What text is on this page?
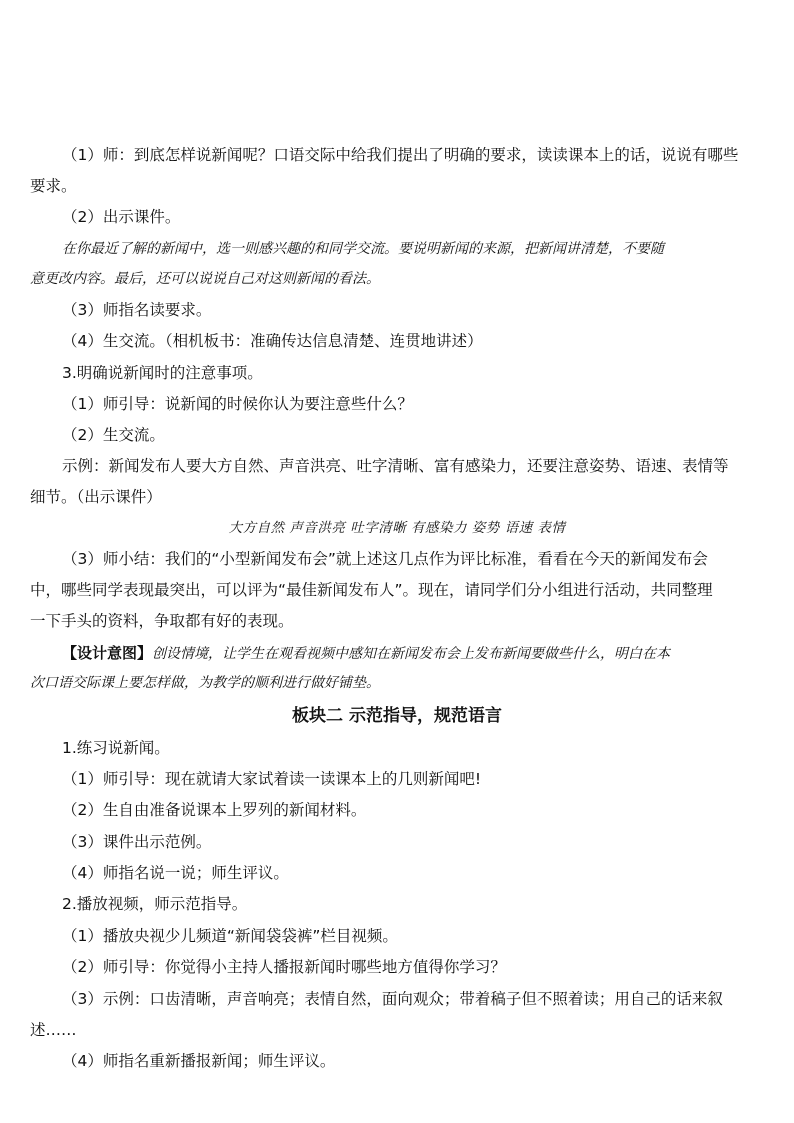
（1）师：到底怎样说新闻呢？口语交际中给我们提出了明确的要求，读读课本上的话，说说有哪些
要求。
（2）出示课件。
在你最近了解的新闻中，选一则感兴趣的和同学交流。要说明新闻的来源，把新闻讲清楚，不要随
意更改内容。最后，还可以说说自己对这则新闻的看法。
（3）师指名读要求。
（4）生交流。（相机板书：准确传达信息清楚、连贯地讲述）
3.明确说新闻时的注意事项。
（1）师引导：说新闻的时候你认为要注意些什么？
（2）生交流。
示例：新闻发布人要大方自然、声音洪亮、吐字清晰、富有感染力，还要注意姿势、语速、表情等
细节。（出示课件）
大方自然 声音洪亮 吐字清晰 有感染力 姿势 语速 表情
（3）师小结：我们的“小型新闻发布会”就上述这几点作为评比标准，看看在今天的新闻发布会
中，哪些同学表现最突出，可以评为“最佳新闻发布人”。现在，请同学们分小组进行活动，共同整理
一下手头的资料，争取都有好的表现。
【设计意图】创设情境，让学生在观看视频中感知在新闻发布会上发布新闻要做些什么，明白在本
次口语交际课上要怎样做，为教学的顺利进行做好铺垫。
板块二 示范指导，规范语言
1.练习说新闻。
（1）师引导：现在就请大家试着读一读课本上的几则新闻吧!
（2）生自由准备说课本上罗列的新闻材料。
（3）课件出示范例。
（4）师指名说一说；师生评议。
2.播放视频，师示范指导。
（1）播放央视少儿频道“新闻袋袋裤”栏目视频。
（2）师引导：你觉得小主持人播报新闻时哪些地方值得你学习？
（3）示例：口齿清晰，声音响亮；表情自然，面向观众；带着稿子但不照着读；用自己的话来叙
述……
（4）师指名重新播报新闻；师生评议。
